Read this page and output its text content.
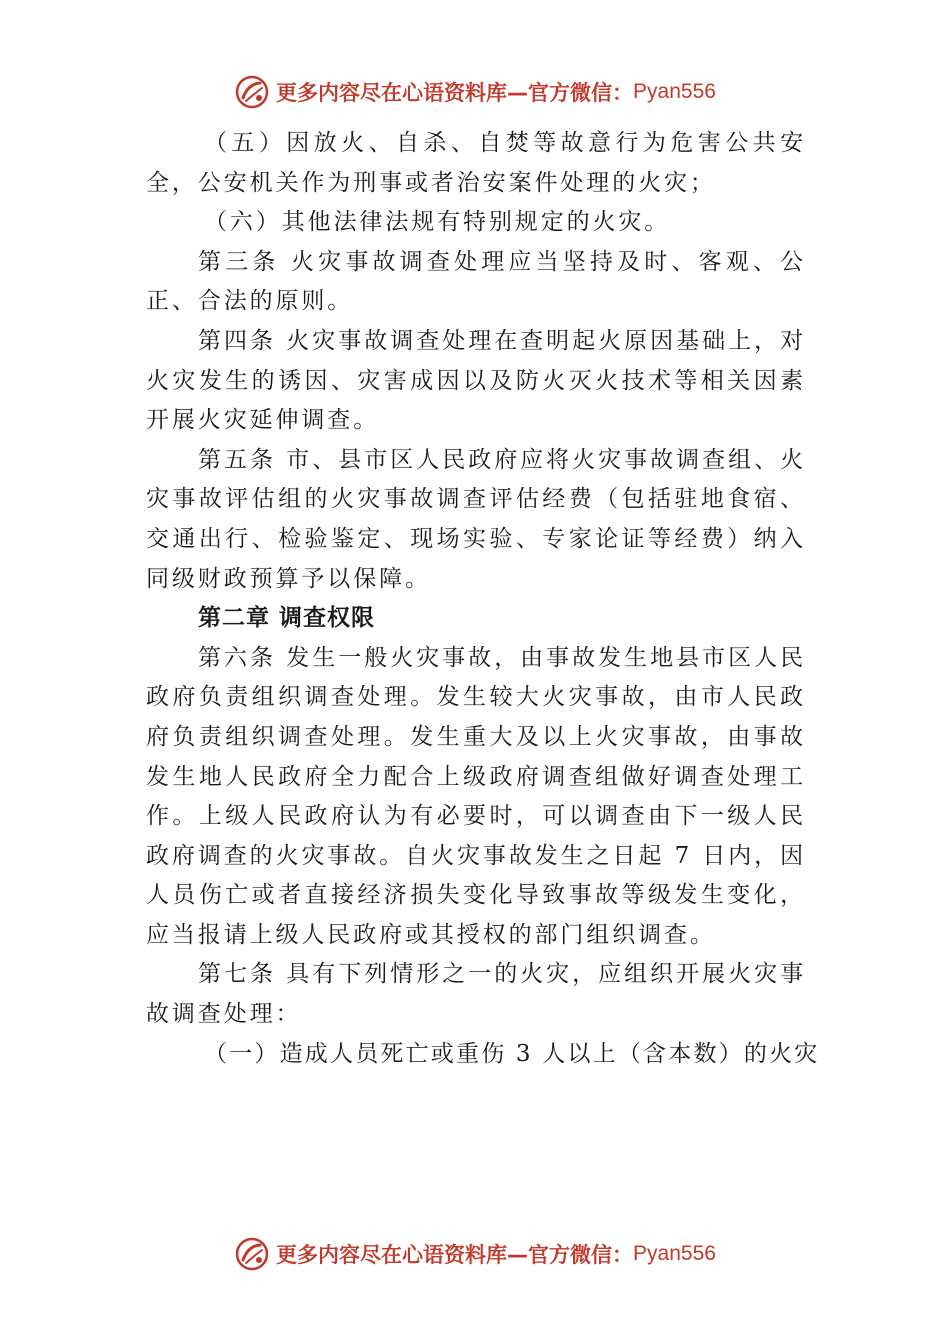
更多内容尽在心语资料库—官方微信： Pyan556

（五）因放火、自杀、自焚等故意行为危害公共安全，公安机关作为刑事或者治安案件处理的火灾；

（六）其他法律法规有特别规定的火灾。

第三条 火灾事故调查处理应当坚持及时、客观、公正、合法的原则。

第四条 火灾事故调查处理在查明起火原因基础上，对火灾发生的诱因、灾害成因以及防火灭火技术等相关因素开展火灾延伸调查。

第五条 市、县市区人民政府应将火灾事故调查组、火灾事故评估组的火灾事故调查评估经费（包括驻地食宿、交通出行、检验鉴定、现场实验、专家论证等经费）纳入同级财政预算予以保障。

第二章 调查权限

第六条 发生一般火灾事故，由事故发生地县市区人民政府负责组织调查处理。发生较大火灾事故，由市人民政府负责组织调查处理。发生重大及以上火灾事故，由事故发生地人民政府全力配合上级政府调查组做好调查处理工作。上级人民政府认为有必要时，可以调查由下一级人民政府调查的火灾事故。自火灾事故发生之日起 7 日内，因人员伤亡或者直接经济损失变化导致事故等级发生变化，应当报请上级人民政府或其授权的部门组织调查。

第七条 具有下列情形之一的火灾，应组织开展火灾事故调查处理：

（一）造成人员死亡或重伤 3 人以上（含本数）的火灾

更多内容尽在心语资料库—官方微信： Pyan556
